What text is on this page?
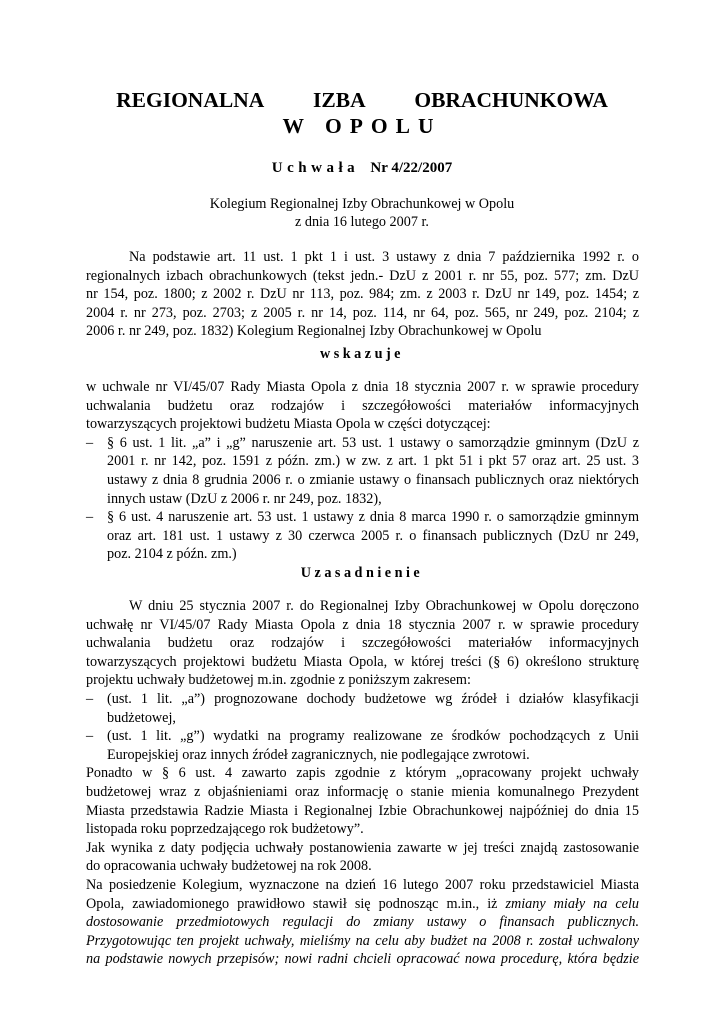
REGIONALNA IZBA OBRACHUNKOWA
W OPOLU
Uchwała Nr 4/22/2007
Kolegium Regionalnej Izby Obrachunkowej w Opolu
z dnia 16 lutego 2007 r.
Na podstawie art. 11 ust. 1 pkt 1 i ust. 3 ustawy z dnia 7 października 1992 r. o
regionalnych izbach obrachunkowych (tekst jedn.- DzU z 2001 r. nr 55, poz. 577; zm. DzU
nr 154, poz. 1800; z 2002 r. DzU nr 113, poz. 984; zm. z 2003 r. DzU nr 149, poz. 1454; z
2004 r. nr 273, poz. 2703; z 2005 r. nr 14, poz. 114, nr 64, poz. 565, nr 249, poz. 2104; z
2006 r. nr 249, poz. 1832) Kolegium Regionalnej Izby Obrachunkowej w Opolu
wskazuje
w uchwale nr VI/45/07 Rady Miasta Opola z dnia 18 stycznia 2007 r. w sprawie procedury
uchwalania budżetu oraz rodzajów i szczegółowości materiałów informacyjnych
towarzyszących projektowi budżetu Miasta Opola w części dotyczącej:
– § 6 ust. 1 lit. „a” i „g” naruszenie art. 53 ust. 1 ustawy o samorządzie gminnym (DzU z
2001 r. nr 142, poz. 1591 z późn. zm.) w zw. z art. 1 pkt 51 i pkt 57 oraz art. 25 ust. 3
ustawy z dnia 8 grudnia 2006 r. o zmianie ustawy o finansach publicznych oraz niektórych
innych ustaw (DzU z 2006 r. nr 249, poz. 1832),
– § 6 ust. 4 naruszenie art. 53 ust. 1 ustawy z dnia 8 marca 1990 r. o samorządzie gminnym
oraz art. 181 ust. 1 ustawy z 30 czerwca 2005 r. o finansach publicznych (DzU nr 249,
poz. 2104 z późn. zm.)
Uzasadnienie
W dniu 25 stycznia 2007 r. do Regionalnej Izby Obrachunkowej w Opolu doręczono
uchwałę nr VI/45/07 Rady Miasta Opola z dnia 18 stycznia 2007 r. w sprawie procedury
uchwalania budżetu oraz rodzajów i szczegółowości materiałów informacyjnych
towarzyszących projektowi budżetu Miasta Opola, w której treści (§ 6) określono strukturę
projektu uchwały budżetowej m.in. zgodnie z poniższym zakresem:
– (ust. 1 lit. „a”) prognozowane dochody budżetowe wg źródeł i działów klasyfikacji
budżetowej,
– (ust. 1 lit. „g”) wydatki na programy realizowane ze środków pochodzących z Unii
Europejskiej oraz innych źródeł zagranicznych, nie podlegające zwrotowi.
Ponadto w § 6 ust. 4 zawarto zapis zgodnie z którym „opracowany projekt uchwały
budżetowej wraz z objaśnieniami oraz informację o stanie mienia komunalnego Prezydent
Miasta przedstawia Radzie Miasta i Regionalnej Izbie Obrachunkowej najpóźniej do dnia 15
listopada roku poprzedzającego rok budżetowy”.
Jak wynika z daty podjęcia uchwały postanowienia zawarte w jej treści znajdą zastosowanie
do opracowania uchwały budżetowej na rok 2008.
Na posiedzenie Kolegium, wyznaczone na dzień 16 lutego 2007 roku przedstawiciel Miasta
Opola, zawiadomionego prawidłowo stawił się podnosząc m.in., iż zmiany miały na celu
dostosowanie przedmiotowych regulacji do zmiany ustawy o finansach publicznych.
Przygotowując ten projekt uchwały, mieliśmy na celu aby budżet na 2008 r. został uchwalony
na podstawie nowych przepisów; nowi radni chcieli opracować nowa procedurę, która będzie
